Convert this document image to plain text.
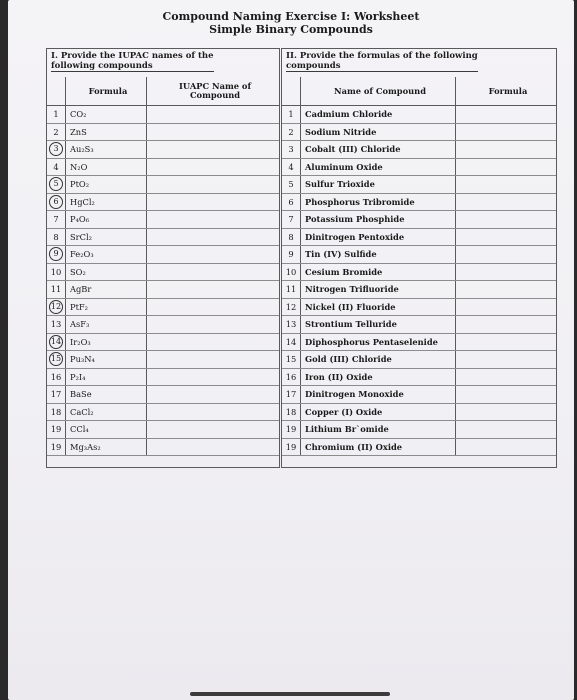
Compound Naming Exercise I: Worksheet
Simple Binary Compounds
I. Provide the IUPAC names of the
following compounds
	Formula	IUAPC Name of
Compound
1	CO₂	
2	ZnS	
3	Au₂S₃	
4	N₂O	
5	PtO₂	
6	HgCl₂	
7	P₄O₆	
8	SrCl₂	
9	Fe₂O₃	
10	SO₂	
11	AgBr	
12	PtF₂	
13	AsF₃	
14	Ir₂O₃	
15	Pu₃N₄	
16	P₂I₄	
17	BaSe	
18	CaCl₂	
19	CCl₄	
19	Mg₃As₂	
II. Provide the formulas of the following
compounds
	Name of Compound	Formula
1	Cadmium Chloride	
2	Sodium Nitride	
3	Cobalt (III) Chloride	
4	Aluminum Oxide	
5	Sulfur Trioxide	
6	Phosphorus Tribromide	
7	Potassium Phosphide	
8	Dinitrogen Pentoxide	
9	Tin (IV) Sulfide	
10	Cesium Bromide	
11	Nitrogen Trifluoride	
12	Nickel (II) Fluoride	
13	Strontium Telluride	
14	Diphosphorus Pentaselenide	
15	Gold (III) Chloride	
16	Iron (II) Oxide	
17	Dinitrogen Monoxide	
18	Copper (I) Oxide	
19	Lithium Br`omide	
19	Chromium (II) Oxide	
